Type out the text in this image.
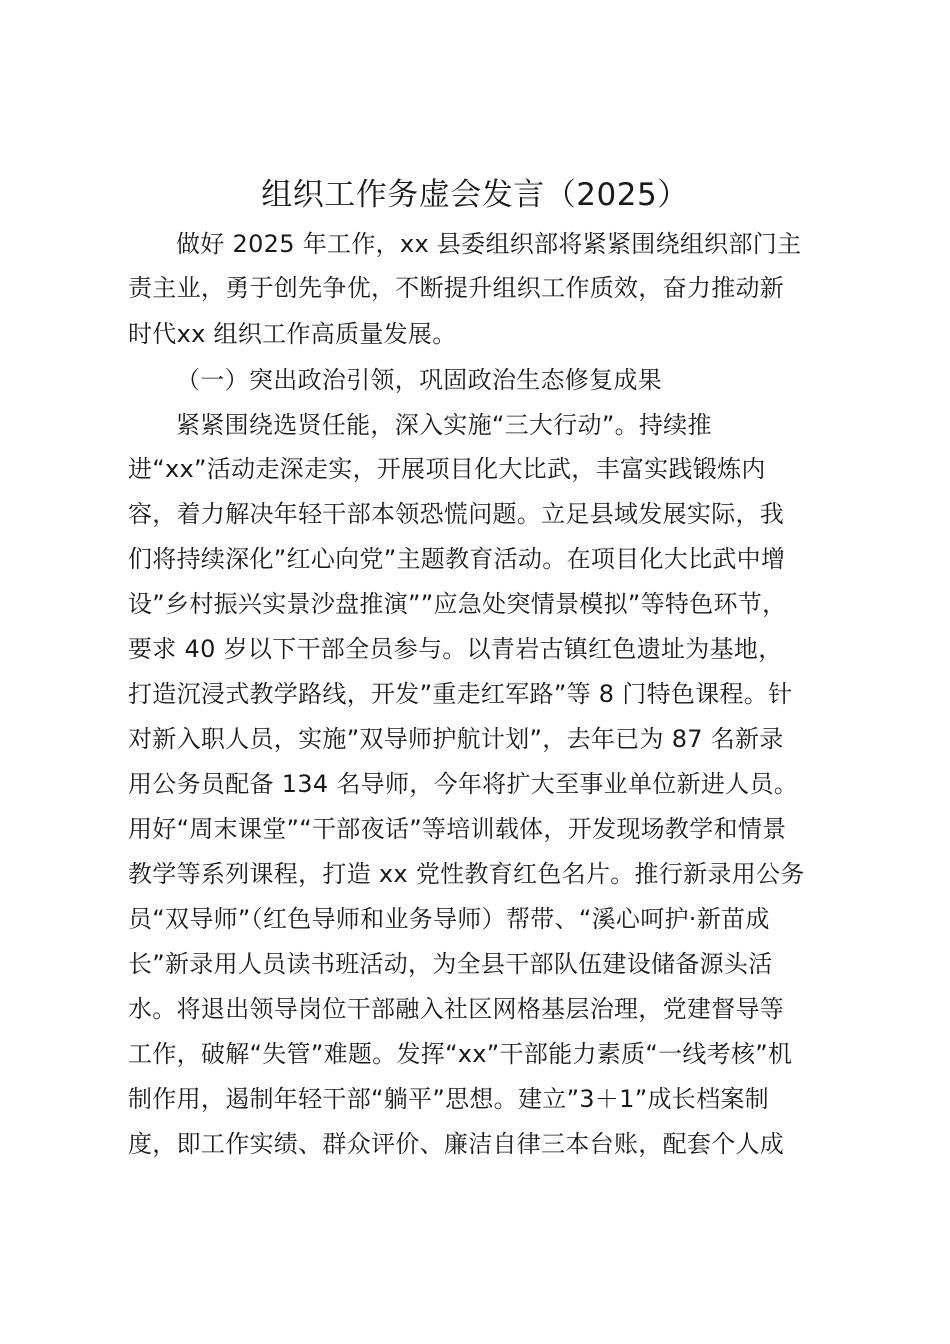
组织工作务虚会发言（2025）
做好 2025 年工作，xx 县委组织部将紧紧围绕组织部门主
责主业，勇于创先争优，不断提升组织工作质效，奋力推动新
时代xx 组织工作高质量发展。
（一）突出政治引领，巩固政治生态修复成果
紧紧围绕选贤任能，深入实施“三大行动”。持续推
进“xx”活动走深走实，开展项目化大比武，丰富实践锻炼内
容，着力解决年轻干部本领恐慌问题。立足县域发展实际，我
们将持续深化”红心向党”主题教育活动。在项目化大比武中增
设”乡村振兴实景沙盘推演””应急处突情景模拟”等特色环节，
要求 40 岁以下干部全员参与。以青岩古镇红色遗址为基地，
打造沉浸式教学路线，开发”重走红军路”等 8 门特色课程。针
对新入职人员，实施”双导师护航计划”，去年已为 87 名新录
用公务员配备 134 名导师，今年将扩大至事业单位新进人员。
用好“周末课堂”“干部夜话”等培训载体，开发现场教学和情景
教学等系列课程，打造 xx 党性教育红色名片。推行新录用公务
员“双导师”（红色导师和业务导师）帮带、“溪心呵护·新苗成
长”新录用人员读书班活动，为全县干部队伍建设储备源头活
水。将退出领导岗位干部融入社区网格基层治理，党建督导等
工作，破解“失管”难题。发挥“xx”干部能力素质“一线考核”机
制作用，遏制年轻干部“躺平”思想。建立”3＋1”成长档案制
度，即工作实绩、群众评价、廉洁自律三本台账，配套个人成
